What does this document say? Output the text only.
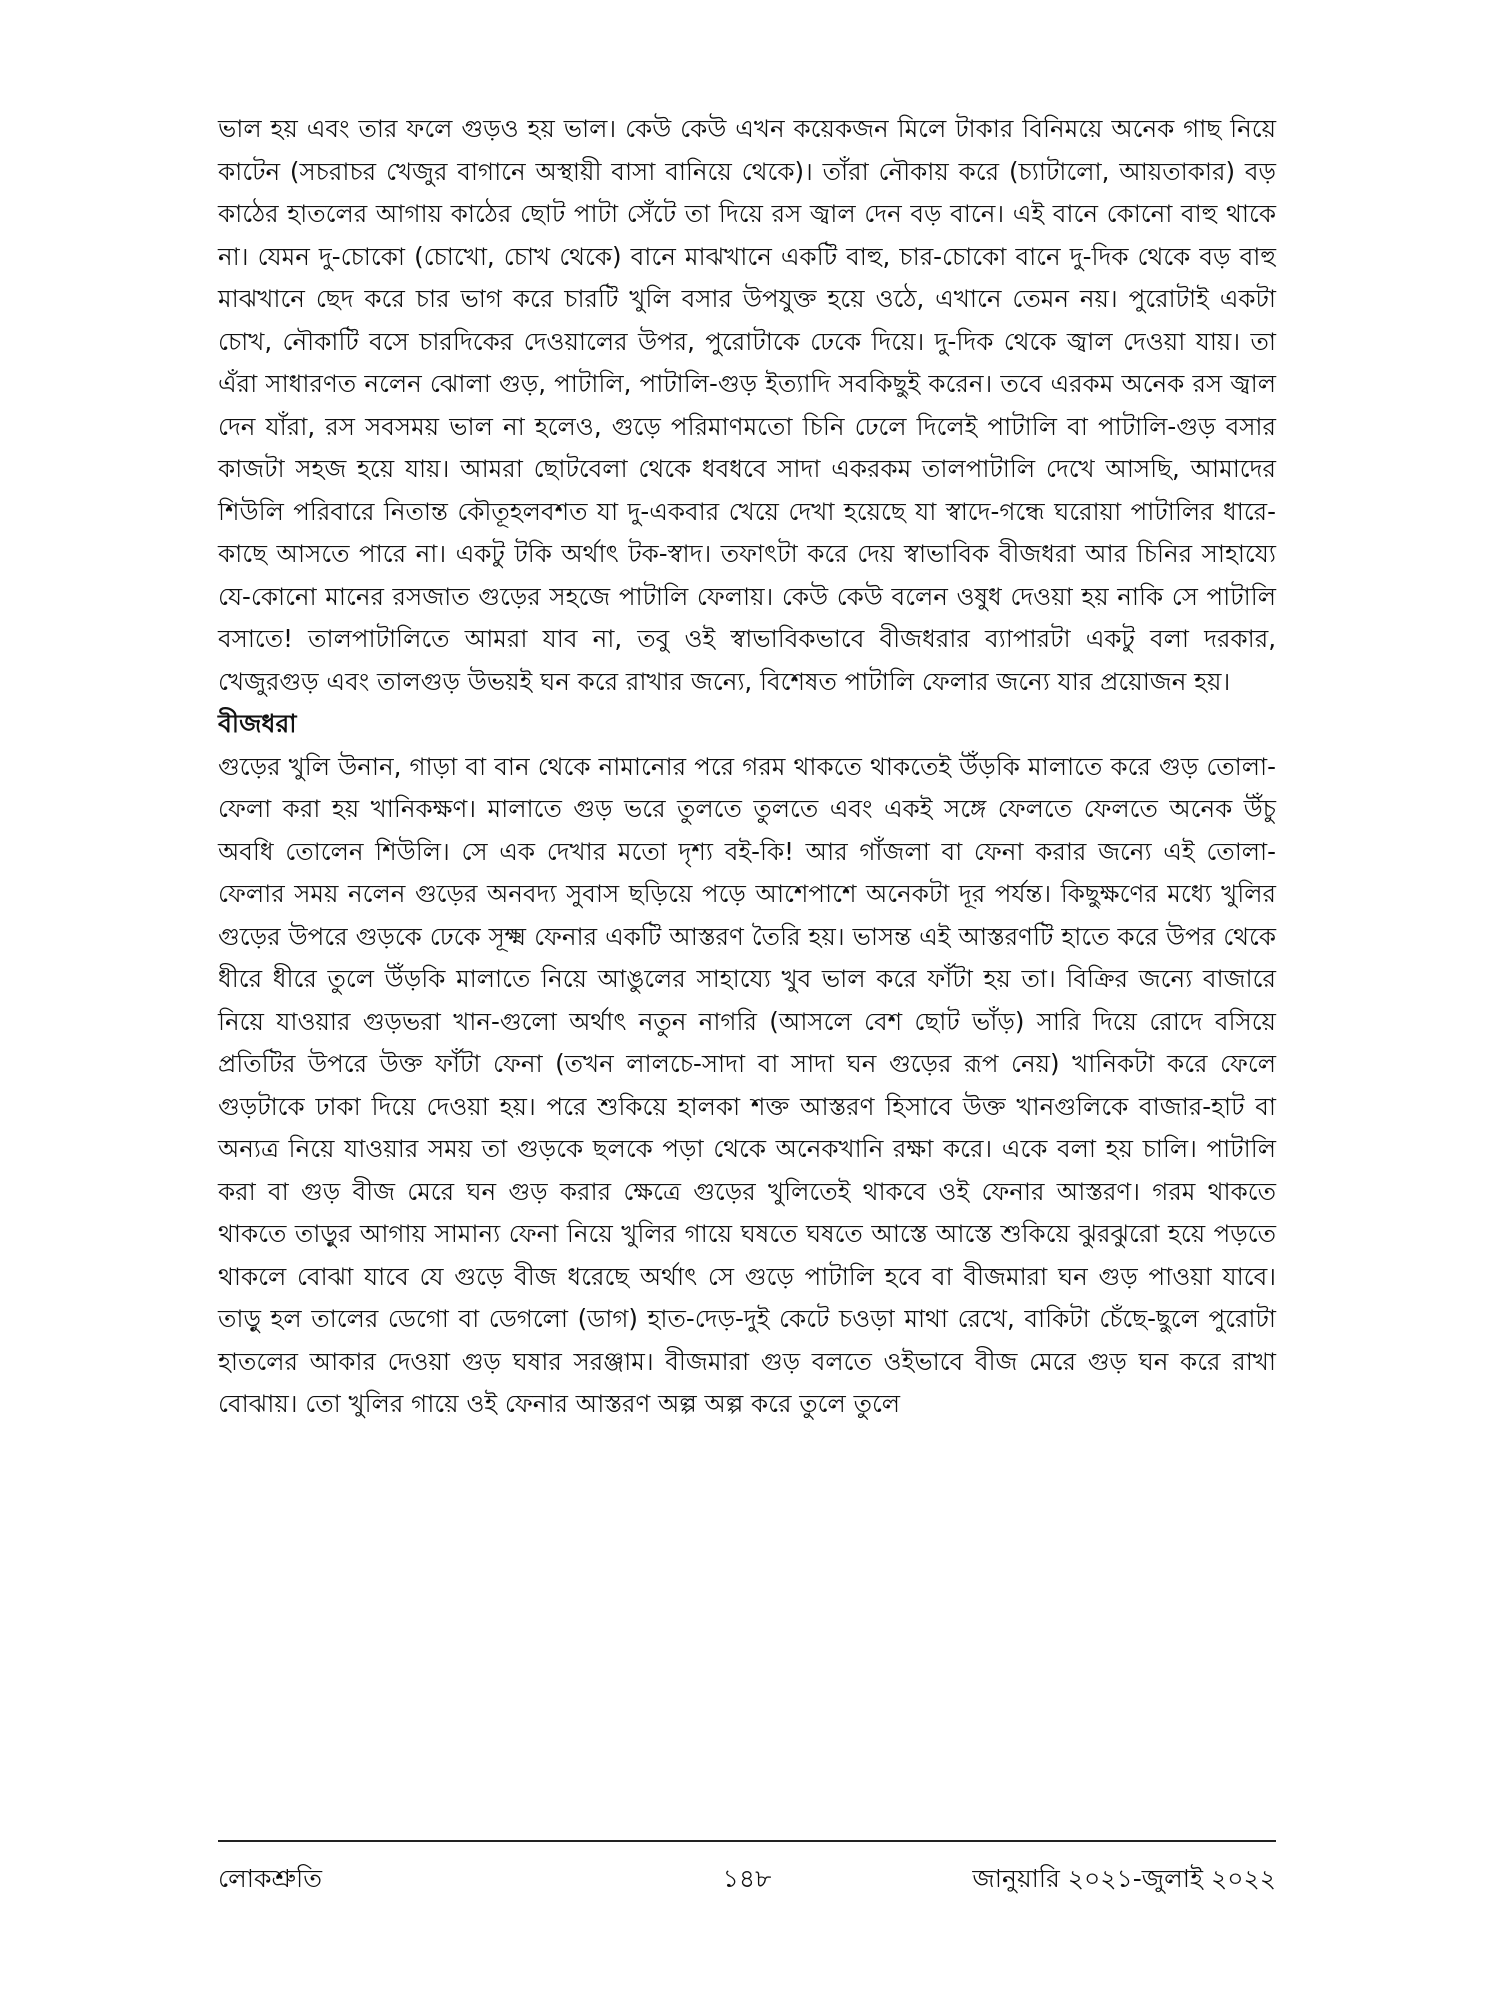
ভাল হয় এবং তার ফলে গুড়ও হয় ভাল। কেউ কেউ এখন কয়েকজন মিলে টাকার বিনিময়ে অনেক গাছ নিয়ে কাটেন (সচরাচর খেজুর বাগানে অস্থায়ী বাসা বানিয়ে থেকে)। তাঁরা নৌকায় করে (চ্যাটালো, আয়তাকার) বড় কাঠের হাতলের আগায় কাঠের ছোট পাটা সেঁটে তা দিয়ে রস জ্বাল দেন বড় বানে। এই বানে কোনো বাহু থাকে না। যেমন দু-চোকো (চোখো, চোখ থেকে) বানে মাঝখানে একটি বাহু, চার-চোকো বানে দু-দিক থেকে বড় বাহু মাঝখানে ছেদ করে চার ভাগ করে চারটি খুলি বসার উপযুক্ত হয়ে ওঠে, এখানে তেমন নয়। পুরোটাই একটা চোখ, নৌকাটি বসে চারদিকের দেওয়ালের উপর, পুরোটাকে ঢেকে দিয়ে। দু-দিক থেকে জ্বাল দেওয়া যায়। তা এঁরা সাধারণত নলেন ঝোলা গুড়, পাটালি, পাটালি-গুড় ইত্যাদি সবকিছুই করেন। তবে এরকম অনেক রস জ্বাল দেন যাঁরা, রস সবসময় ভাল না হলেও, গুড়ে পরিমাণমতো চিনি ঢেলে দিলেই পাটালি বা পাটালি-গুড় বসার কাজটা সহজ হয়ে যায়। আমরা ছোটবেলা থেকে ধবধবে সাদা একরকম তালপাটালি দেখে আসছি, আমাদের শিউলি পরিবারে নিতান্ত কৌতূহলবশত যা দু-একবার খেয়ে দেখা হয়েছে যা স্বাদে-গন্ধে ঘরোয়া পাটালির ধারে-কাছে আসতে পারে না। একটু টকি অর্থাৎ টক-স্বাদ। তফাৎটা করে দেয় স্বাভাবিক বীজধরা আর চিনির সাহায্যে যে-কোনো মানের রসজাত গুড়ের সহজে পাটালি ফেলায়। কেউ কেউ বলেন ওষুধ দেওয়া হয় নাকি সে পাটালি বসাতে! তালপাটালিতে আমরা যাব না, তবু ওই স্বাভাবিকভাবে বীজধরার ব্যাপারটা একটু বলা দরকার, খেজুরগুড় এবং তালগুড় উভয়ই ঘন করে রাখার জন্যে, বিশেষত পাটালি ফেলার জন্যে যার প্রয়োজন হয়।

বীজধরা

গুড়ের খুলি উনান, গাড়া বা বান থেকে নামানোর পরে গরম থাকতে থাকতেই উঁড়কি মালাতে করে গুড় তোলা-ফেলা করা হয় খানিকক্ষণ। মালাতে গুড় ভরে তুলতে তুলতে এবং একই সঙ্গে ফেলতে ফেলতে অনেক উঁচু অবধি তোলেন শিউলি। সে এক দেখার মতো দৃশ্য বই-কি! আর গাঁজলা বা ফেনা করার জন্যে এই তোলা-ফেলার সময় নলেন গুড়ের অনবদ্য সুবাস ছড়িয়ে পড়ে আশেপাশে অনেকটা দূর পর্যন্ত। কিছুক্ষণের মধ্যে খুলির গুড়ের উপরে গুড়কে ঢেকে সূক্ষ্ম ফেনার একটি আস্তরণ তৈরি হয়। ভাসন্ত এই আস্তরণটি হাতে করে উপর থেকে ধীরে ধীরে তুলে উঁড়কি মালাতে নিয়ে আঙুলের সাহায্যে খুব ভাল করে ফাঁটা হয় তা। বিক্রির জন্যে বাজারে নিয়ে যাওয়ার গুড়ভরা খান-গুলো অর্থাৎ নতুন নাগরি (আসলে বেশ ছোট ভাঁড়) সারি দিয়ে রোদে বসিয়ে প্রতিটির উপরে উক্ত ফাঁটা ফেনা (তখন লালচে-সাদা বা সাদা ঘন গুড়ের রূপ নেয়) খানিকটা করে ফেলে গুড়টাকে ঢাকা দিয়ে দেওয়া হয়। পরে শুকিয়ে হালকা শক্ত আস্তরণ হিসাবে উক্ত খানগুলিকে বাজার-হাট বা অন্যত্র নিয়ে যাওয়ার সময় তা গুড়কে ছলকে পড়া থেকে অনেকখানি রক্ষা করে। একে বলা হয় চালি। পাটালি করা বা গুড় বীজ মেরে ঘন গুড় করার ক্ষেত্রে গুড়ের খুলিতেই থাকবে ওই ফেনার আস্তরণ। গরম থাকতে থাকতে তাড়ুর আগায় সামান্য ফেনা নিয়ে খুলির গায়ে ঘষতে ঘষতে আস্তে আস্তে শুকিয়ে ঝুরঝুরো হয়ে পড়তে থাকলে বোঝা যাবে যে গুড়ে বীজ ধরেছে অর্থাৎ সে গুড়ে পাটালি হবে বা বীজমারা ঘন গুড় পাওয়া যাবে। তাড়ু হল তালের ডেগো বা ডেগলো (ডাগ) হাত-দেড়-দুই কেটে চওড়া মাথা রেখে, বাকিটা চেঁছে-ছুলে পুরোটা হাতলের আকার দেওয়া গুড় ঘষার সরঞ্জাম। বীজমারা গুড় বলতে ওইভাবে বীজ মেরে গুড় ঘন করে রাখা বোঝায়। তো খুলির গায়ে ওই ফেনার আস্তরণ অল্প অল্প করে তুলে তুলে

লোকশ্রুতি	১৪৮	জানুয়ারি ২০২১-জুলাই ২০২২
